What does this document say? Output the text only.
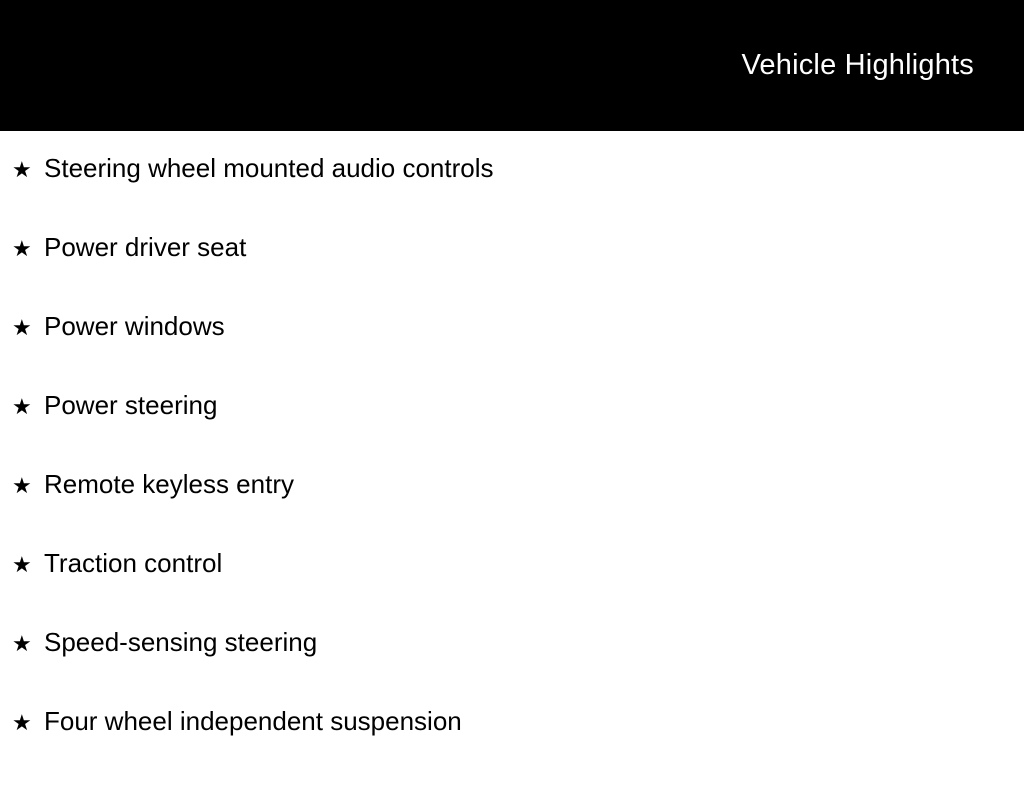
Vehicle Highlights
★ Steering wheel mounted audio controls
★ Power driver seat
★ Power windows
★ Power steering
★ Remote keyless entry
★ Traction control
★ Speed-sensing steering
★ Four wheel independent suspension
